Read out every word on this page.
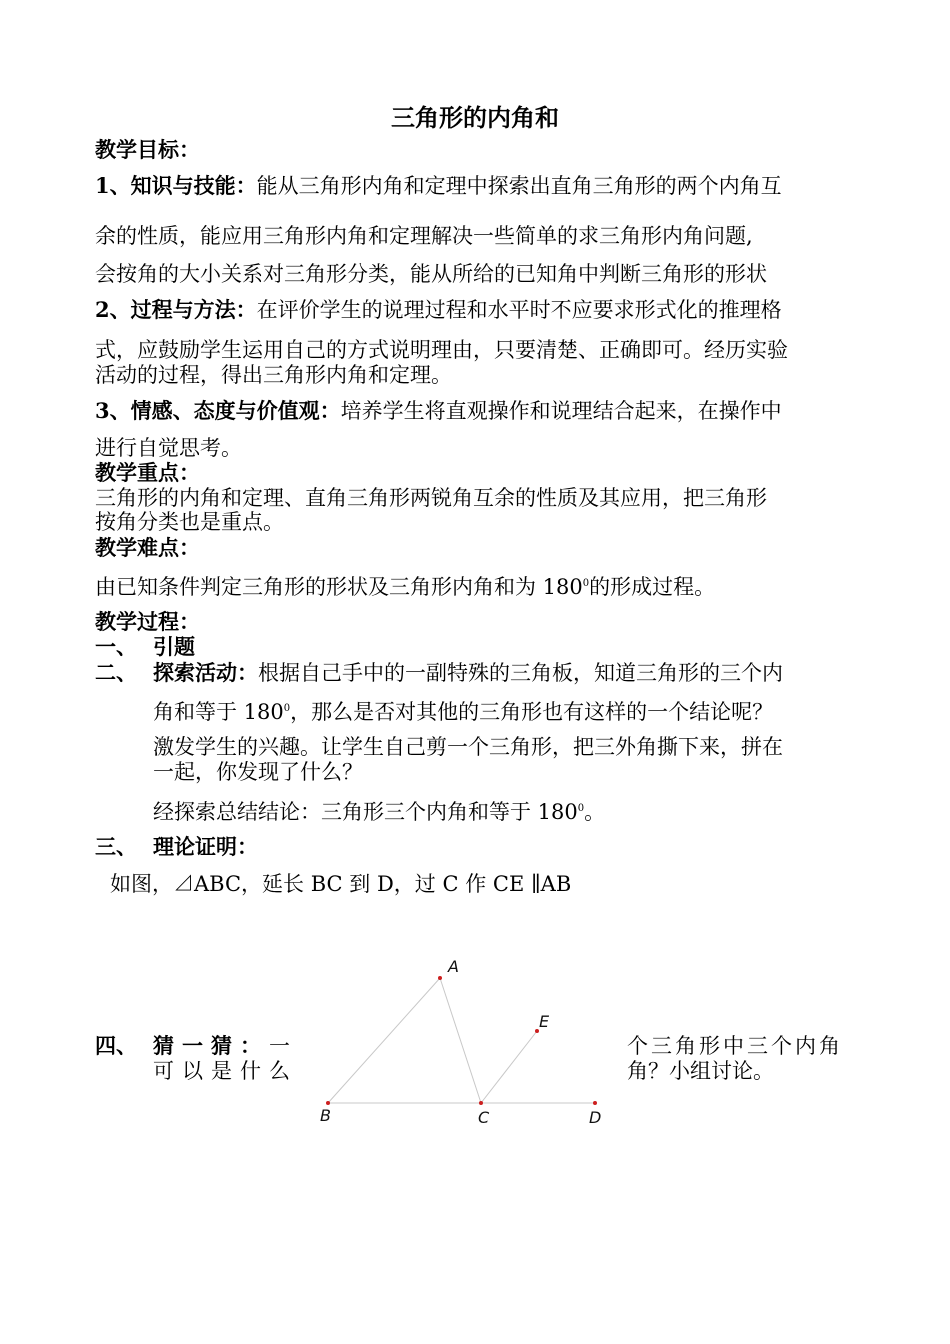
三角形的内角和
教学目标：
1、知识与技能：能从三角形内角和定理中探索出直角三角形的两个内角互
余的性质，能应用三角形内角和定理解决一些简单的求三角形内角问题,
会按角的大小关系对三角形分类，能从所给的已知角中判断三角形的形状
2、过程与方法：在评价学生的说理过程和水平时不应要求形式化的推理格
式，应鼓励学生运用自己的方式说明理由，只要清楚、正确即可。经历实验
活动的过程，得出三角形内角和定理。
3、情感、态度与价值观：培养学生将直观操作和说理结合起来，在操作中
进行自觉思考。
教学重点：
三角形的内角和定理、直角三角形两锐角互余的性质及其应用，把三角形
按角分类也是重点。
教学难点：
由已知条件判定三角形的形状及三角形内角和为 $180^0$的形成过程。
教学过程：
一、 引题
二、 探索活动：根据自己手中的一副特殊的三角板，知道三角形的三个内
角和等于 $180^0$，那么是否对其他的三角形也有这样的一个结论呢？
激发学生的兴趣。让学生自己剪一个三角形，把三外角撕下来，拼在
一起，你发现了什么？
经探索总结结论：三角形三个内角和等于 $180^0$。
三、 理论证明：
如图，⊿ABC，延长 BC 到 D，过 C 作 CE ∥AB
四、 猜一猜：一
可以是什么
个三角形中三个内角
角？小组讨论。
A
B	C	D
E
